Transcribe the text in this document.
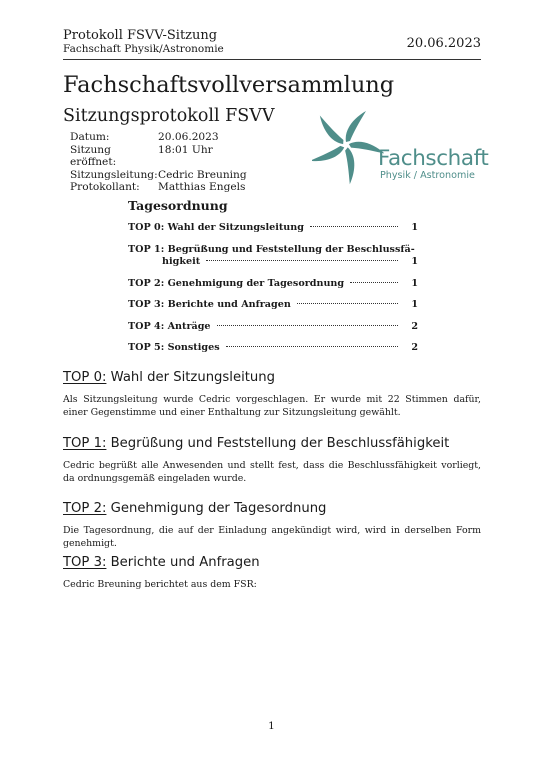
Protokoll FSVV-Sitzung
Fachschaft Physik/Astronomie	20.06.2023
Fachschaftsvollversammlung
Sitzungsprotokoll FSVV
Datum:	20.06.2023
Sitzung eröffnet:
18:01 Uhr
Sitzungsleitung: Cedric Breuning
Protokollant:	Matthias Engels
Fachschaft
Physik / Astronomie
Tagesordnung
TOP 0: Wahl der Sitzungsleitung	1
TOP 1: Begrüßung und Feststellung der Beschlussfä-
higkeit	1
TOP 2: Genehmigung der Tagesordnung	1
TOP 3: Berichte und Anfragen	1
TOP 4: Anträge	2
TOP 5: Sonstiges	2
TOP 0: Wahl der Sitzungsleitung

Als Sitzungsleitung wurde Cedric vorgeschlagen. Er wurde mit 22 Stimmen dafür, einer Gegenstimme und einer Enthaltung zur Sitzungsleitung gewählt.

TOP 1: Begrüßung und Feststellung der Beschlussfähigkeit

Cedric begrüßt alle Anwesenden und stellt fest, dass die Beschlussfähigkeit vorliegt, da ordnungsgemäß eingeladen wurde.

TOP 2: Genehmigung der Tagesordnung

Die Tagesordnung, die auf der Einladung angekündigt wird, wird in derselben Form genehmigt.

TOP 3: Berichte und Anfragen

Cedric Breuning berichtet aus dem FSR:

1
